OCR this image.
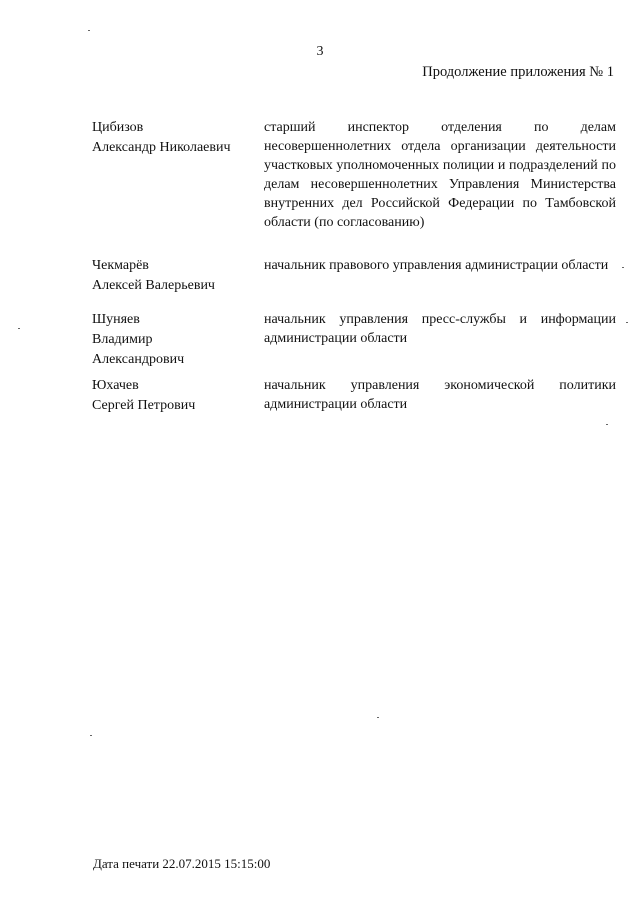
3
Продолжение приложения № 1
Цибизов
Александр Николаевич
старший инспектор отделения по делам несовершеннолетних отдела организации деятельности участковых уполномоченных полиции и подразделений по делам несовершеннолетних Управления Министерства внутренних дел Российской Федерации по Тамбовской области (по согласованию)
Чекмарёв
Алексей Валерьевич
начальник правового управления администрации области
Шуняев
Владимир
Александрович
начальник управления пресс-службы и информации администрации области
Юхачев
Сергей Петрович
начальник управления экономической политики администрации области
Дата печати 22.07.2015 15:15:00
